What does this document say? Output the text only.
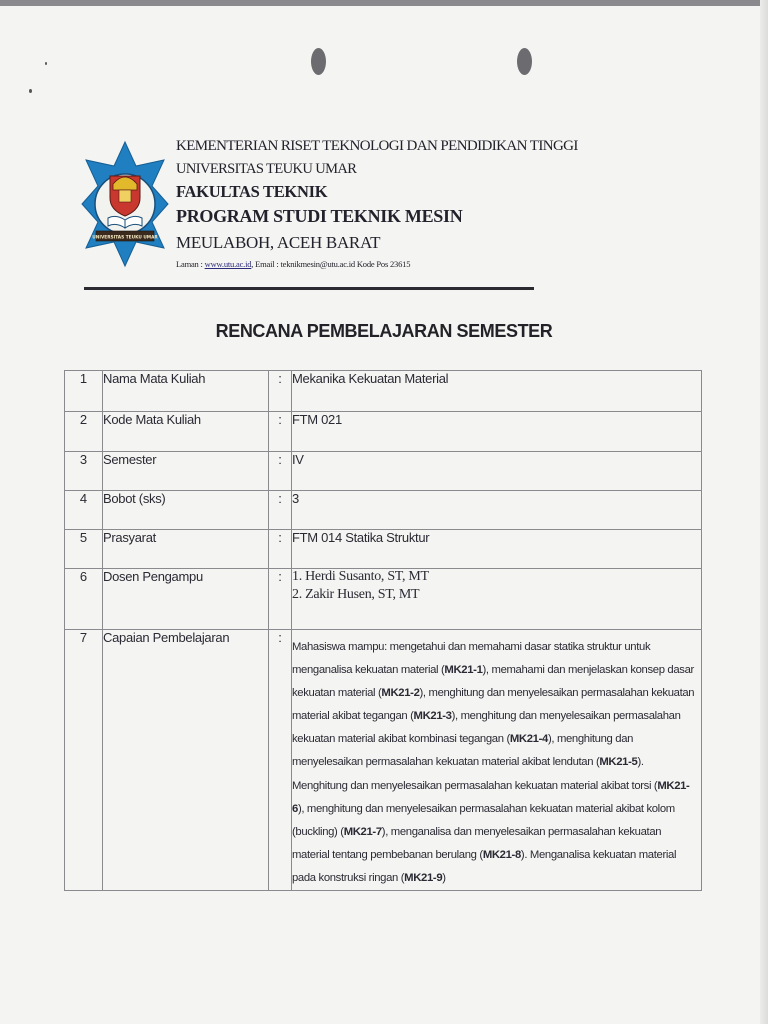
UNIVERSITAS TEUKU UMAR
KEMENTERIAN RISET TEKNOLOGI DAN PENDIDIKAN TINGGI
UNIVERSITAS TEUKU UMAR
FAKULTAS TEKNIK
PROGRAM STUDI TEKNIK MESIN
MEULABOH, ACEH BARAT
Laman : www.utu.ac.id, Email : teknikmesin@utu.ac.id Kode Pos 23615
RENCANA PEMBELAJARAN SEMESTER
1	Nama Mata Kuliah	:	Mekanika Kekuatan Material
2	Kode Mata Kuliah	:	FTM 021
3	Semester	:	IV
4	Bobot (sks)	:	3
5	Prasyarat	:	FTM 014 Statika Struktur
6	Dosen Pengampu	:	1. Herdi Susanto, ST, MT
2. Zakir Husen, ST, MT

7	Capaian Pembelajaran	:	Mahasiswa mampu: mengetahui dan memahami dasar statika struktur untuk menganalisa kekuatan material (MK21-1), memahami dan menjelaskan konsep dasar kekuatan material (MK21-2), menghitung dan menyelesaikan permasalahan kekuatan material akibat tegangan (MK21-3), menghitung dan menyelesaikan permasalahan kekuatan material akibat kombinasi tegangan (MK21-4), menghitung dan menyelesaikan permasalahan kekuatan material akibat lendutan (MK21-5). Menghitung dan menyelesaikan permasalahan kekuatan material akibat torsi (MK21-6), menghitung dan menyelesaikan permasalahan kekuatan material akibat kolom (buckling) (MK21-7), menganalisa dan menyelesaikan permasalahan kekuatan material tentang pembebanan berulang (MK21-8). Menganalisa kekuatan material pada konstruksi ringan (MK21-9)
